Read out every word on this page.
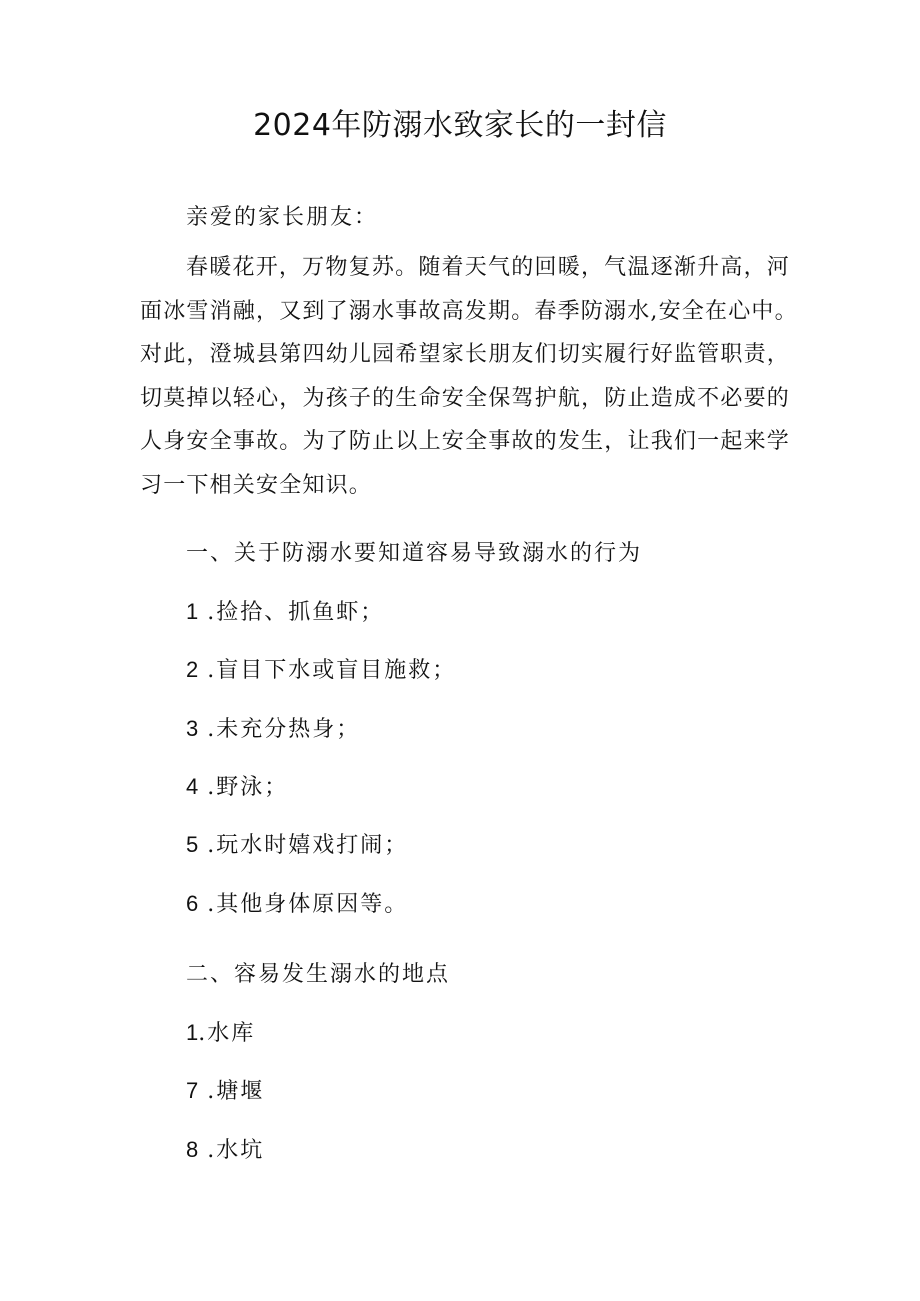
2024年防溺水致家长的一封信
亲爱的家长朋友：
春暖花开，万物复苏。随着天气的回暖，气温逐渐升高，河
面冰雪消融，又到了溺水事故高发期。春季防溺水,安全在心中。
对此，澄城县第四幼儿园希望家长朋友们切实履行好监管职责，
切莫掉以轻心，为孩子的生命安全保驾护航，防止造成不必要的
人身安全事故。为了防止以上安全事故的发生，让我们一起来学
习一下相关安全知识。
一、关于防溺水要知道容易导致溺水的行为
1 .捡拾、抓鱼虾；
2 .盲目下水或盲目施救；
3 .未充分热身；
4 .野泳；
5 .玩水时嬉戏打闹；
6 .其他身体原因等。
二、容易发生溺水的地点
1.水库
7 .塘堰
8 .水坑
